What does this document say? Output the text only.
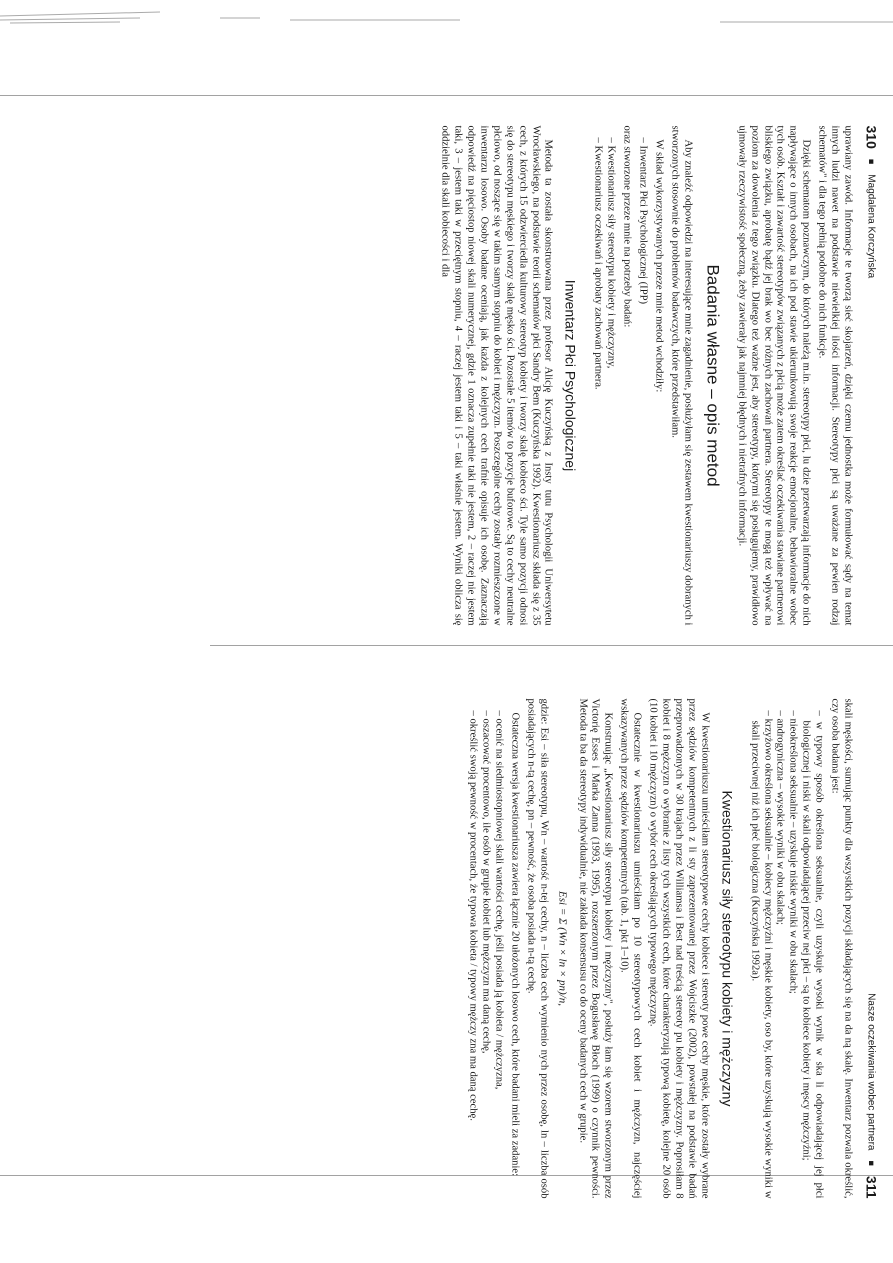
310
■
Magdalena Korczyńska

uprawiany zawód. Informacje te tworzą sieć skojarzeń, dzięki czemu jednostka może formułować sądy na temat innych ludzi nawet na podstawie niewielkiej ilości informacji. Stereotypy płci są uważane za pewien rodzaj schematów" i dla tego pełnią podobne do nich funkcje.

Dzięki schematom poznawczym, do których należą m.in. stereotypy płci, lu dzie przetwarzają informacje do nich napływające o innych osobach, na ich pod stawie ukierunkowują swoje reakcje emocjonalne, behawioralne wobec tych osób. Kształt i zawartość stereotypów związanych z płcią może zatem określać oczekiwania stawiane partnerowi bliskiego związku, aprobatę bądź jej brak wo bec różnych zachowań partnera. Stereotypy te mogą też wpływać na poziom za dowolenia z tego związku. Dlatego też ważne jest, aby stereotypy, którymi się posługujemy, prawidłowo ujmowały rzeczywistość społeczną, żeby zawierały jak najmniej błędnych i nietrafnych informacji.

Badania własne – opis metod

Aby znaleźć odpowiedzi na interesujące mnie zagadnienie, posłużyłam się zestawem kwestionariuszy dobranych i stworzonych stosownie do problemów badawczych, które przedstawiłam.

W skład wykorzystywanych przeze mnie metod wchodziły:

– Inwentarz Płci Psychologicznej (IPP)

oraz stworzone przeze mnie na potrzeby badań:

– Kwestionariusz siły stereotypu kobiety i mężczyzny,
– Kwestionariusz oczekiwań i aprobaty zachowań partnera.
Inwentarz Płci Psychologicznej

Metoda ta została skonstruowana przez profesor Alicję Kuczyńską z Insty tutu Psychologii Uniwersytetu Wrocławskiego, na podstawie teorii schematów płci Sandry Bem (Kuczyńska 1992). Kwestionariusz składa się z 35 cech, z których 15 odzwierciedla kulturowy stereotyp kobiety i tworzy skalę kobieco ści. Tyle samo pozycji odnosi się do stereotypu męskiego i tworzy skalę męsko ści. Pozostałe 5 itemów to pozycje buforowe. Są to cechy neutralne płciowo, od noszące się w takim samym stopniu do kobiet i mężczyzn. Poszczególne cechy zostały rozmieszczone w inwentarzu losowo. Osoby badane oceniają, jak każda z kolejnych cech trafnie opisuje ich osobę. Zaznaczają odpowiedź na pięciostop niowej skali numerycznej, gdzie 1 oznacza zupełnie taki nie jestem, 2 – raczej nie jestem taki, 3 – jestem taki w przeciętnym stopniu, 4 – raczej jestem taki i 5 – taki właśnie jestem. Wyniki oblicza się oddzielnie dla skali kobiecości i dla

Nasze oczekiwania wobec partnera
■
311

skali męskości, sumując punkty dla wszystkich pozycji składających się na da ną skalę. Inwentarz pozwala określić, czy osoba badana jest:

– w typowy sposób określona seksualnie, czyli uzyskuje wysoki wynik w ska li odpowiadającej jej płci biologicznej i niski w skali odpowiadającej przeciw nej płci – są to kobiece kobiety i męscy mężczyźni;
– nieokreślona seksualnie – uzyskuje niskie wyniki w obu skalach;
– androgyniczna – wysokie wyniki w obu skalach;
– krzyżowo określona seksualnie – kobiecy mężczyźni i męskie kobiety, oso by, które uzyskują wysokie wyniki w skali przeciwnej niż ich płeć biologiczna (Kuczyńska 1992a).
Kwestionariusz siły stereotypu kobiety i mężczyzny

W kwestionariuszu umieściłam stereotypowe cechy kobiece i stereoty powe cechy męskie, które zostały wybrane przez sędziów kompetentnych z li sty zaprezentowanej przez Wojciszke (2002), powstałej na podstawie badań przeprowadzonych w 30 krajach przez Williamsa i Best nad treścią stereoty pu kobiety i mężczyzny. Poprosiłam 8 kobiet i 8 mężczyzn o wybranie z listy tych wszystkich cech, które charakteryzują typową kobietę, kolejne 20 osób (10 kobiet i 10 mężczyzn) o wybór cech określających typowego mężczyznę.

Ostatecznie w kwestionariuszu umieściłam po 10 stereotypowych cech kobiet i mężczyzn, najczęściej wskazywanych przez sędziów kompetentnych (tab. 1, pkt 1–10).

Konstruując „Kwestionariusz siły stereotypu kobiety i mężczyzny", posłuży łam się wzorem stworzonym przez Victorię Esses i Marka Zanna (1993, 1995), rozszerzonym przez Bogusławę Błoch (1999) o czynnik pewności. Metoda ta ba da stereotypy indywidualnie, nie zakłada konsensusu co do oceny badanych cech w grupie.

Esi = Σ (Wn × ln × pn)/n,

gdzie: Esi – siła stereotypu, Wn – wartość n-tej cechy, n – liczba cech wymienio nych przez osobę, ln – liczba osób posiadających n-tą cechę, pn – pewność, że osoba posiada n-tą cechę.

Ostateczna wersja kwestionariusza zawiera łącznie 20 ułożonych losowo cech, które badani mieli za zadanie:

– ocenić na siedmiostopniowej skali wartości cechę, jeśli posiada ją kobieta / mężczyzna,
– oszacować procentowo, ile osób w grupie kobiet lub mężczyzn ma daną cechę,
– określić swoją pewność w procentach, że typowa kobieta / typowy mężczy zna ma daną cechę.
